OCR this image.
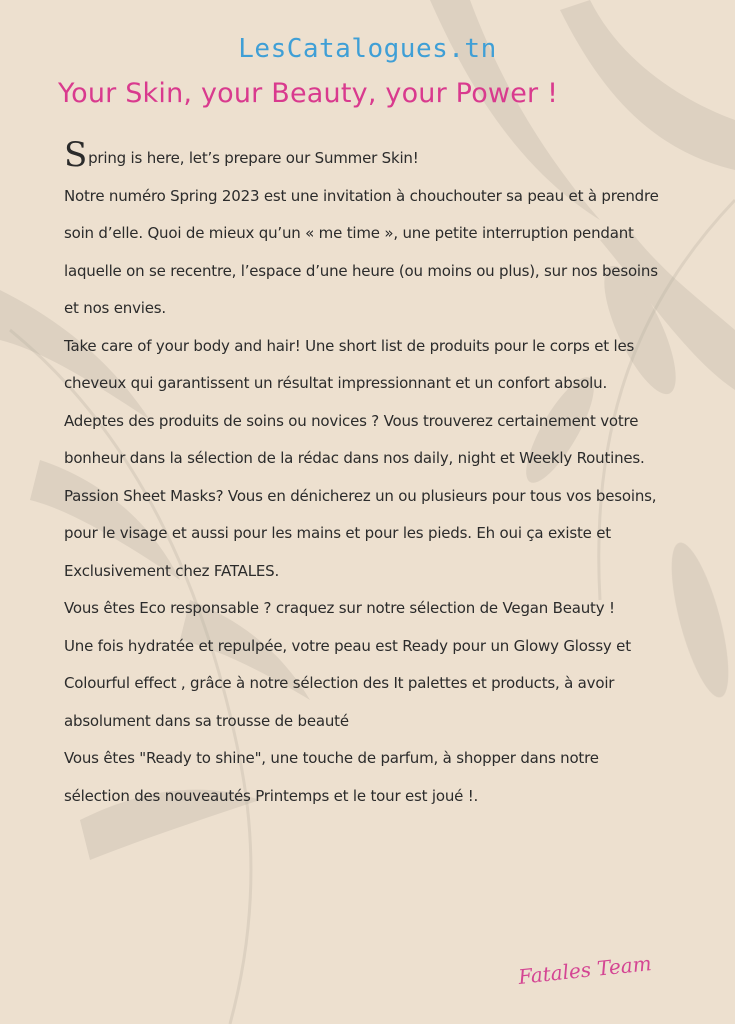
LesCatalogues.tn
Your Skin, your Beauty, your Power !

Spring is here, let’s prepare our Summer Skin!

Notre numéro Spring 2023 est une invitation à chouchouter sa peau et à prendre soin d’elle. Quoi de mieux qu’un « me time », une petite interruption pendant laquelle on se recentre, l’espace d’une heure (ou moins ou plus), sur nos besoins et nos envies.

Take care of your body and hair! Une short list de produits pour le corps et les cheveux qui garantissent un résultat impressionnant et un confort absolu.

Adeptes des produits de soins ou novices ? Vous trouverez certainement votre bonheur dans la sélection de la rédac dans nos daily, night et Weekly Routines.

Passion Sheet Masks? Vous en dénicherez un ou plusieurs pour tous vos besoins, pour le visage et aussi pour les mains et pour les pieds. Eh oui ça existe et Exclusivement chez FATALES.

Vous êtes Eco responsable ? craquez sur notre sélection de Vegan Beauty !

Une fois hydratée et repulpée, votre peau est Ready pour un Glowy Glossy et Colourful effect , grâce à notre sélection des It palettes et products, à avoir absolument dans sa trousse de beauté

Vous êtes "Ready to shine", une touche de parfum, à shopper dans notre sélection des nouveautés Printemps et le tour est joué !.

Fatales Team
